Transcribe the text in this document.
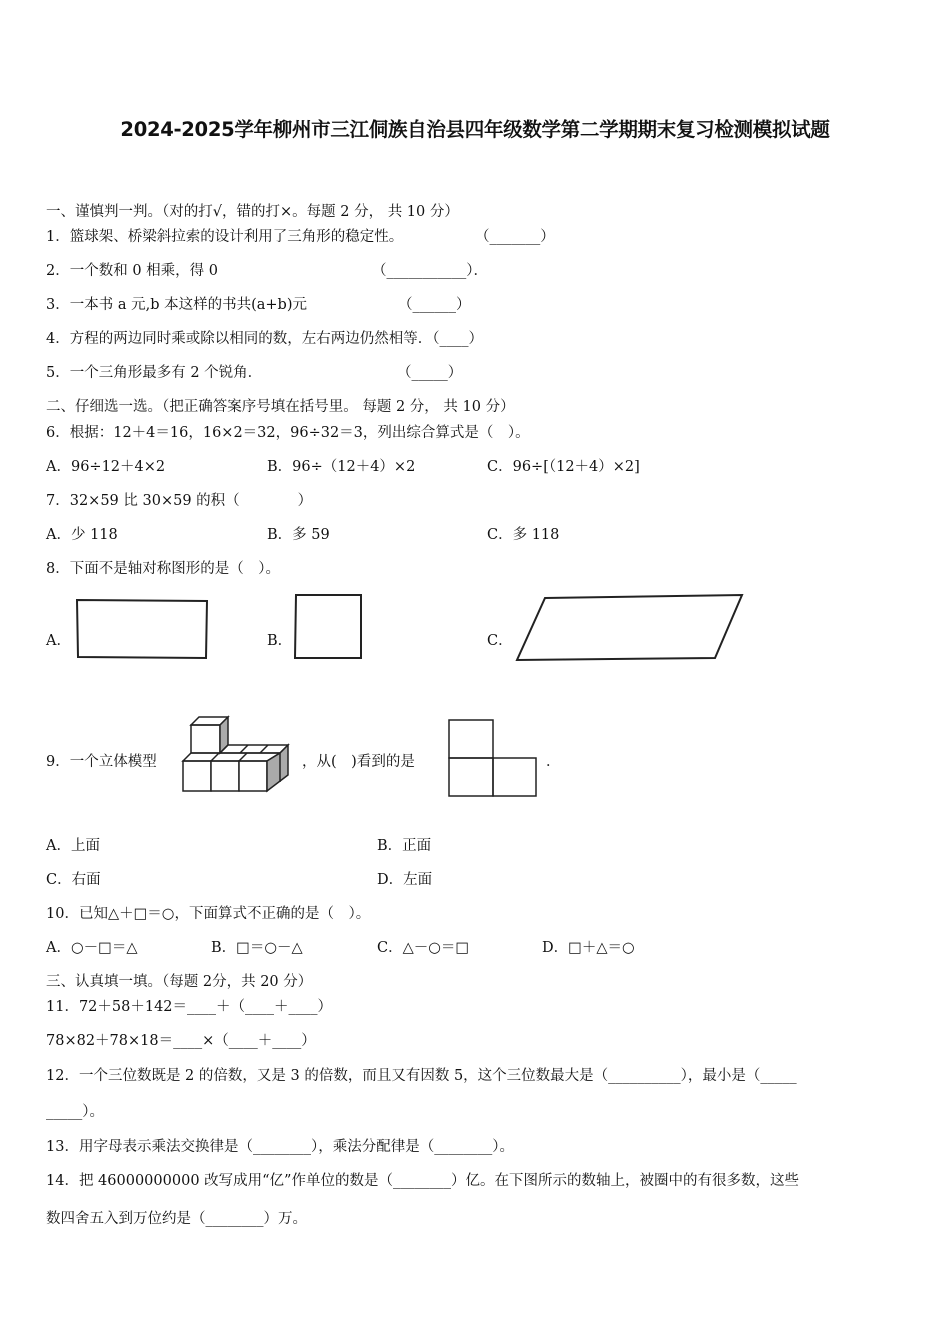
2024-2025学年柳州市三江侗族自治县四年级数学第二学期期末复习检测模拟试题
一、谨慎判一判。（对的打√，错的打×。每题 2 分， 共 10 分）
1．篮球架、桥梁斜拉索的设计利用了三角形的稳定性。	（_______）
2．一个数和 0 相乘，得 0	（___________）．
3．一本书 a 元,b 本这样的书共(a+b)元	（______）
4．方程的两边同时乘或除以相同的数，左右两边仍然相等．（____）
5．一个三角形最多有 2 个锐角．	（_____）
二、仔细选一选。（把正确答案序号填在括号里。 每题 2 分， 共 10 分）
6．根据：12＋4＝16，16×2＝32，96÷32＝3，列出综合算式是（　）。
A．96÷12＋4×2	B．96÷（12＋4）×2	C．96÷[（12＋4）×2]
7．32×59 比 30×59 的积（　　　　）
A．少 118	B．多 59	C．多 118
8．下面不是轴对称图形的是（　）。
A．	B．	C．
9．一个立体模型	，从(　)看到的是	．
A．上面	B．正面
C．右面	D．左面
10．已知△＋□＝○，下面算式不正确的是（　）。
A．○－□＝△	B．□＝○－△	C．△－○＝□	D．□＋△＝○
三、认真填一填。（每题 2分，共 20 分）
11．72＋58＋142＝____＋（____＋____）
78×82＋78×18＝____×（____＋____）
12．一个三位数既是 2 的倍数，又是 3 的倍数，而且又有因数 5，这个三位数最大是（__________），最小是（_____
_____）。
13．用字母表示乘法交换律是（________），乘法分配律是（________）。
14．把 46000000000 改写成用“亿”作单位的数是（________）亿。在下图所示的数轴上，被圈中的有很多数，这些
数四舍五入到万位约是（________）万。
